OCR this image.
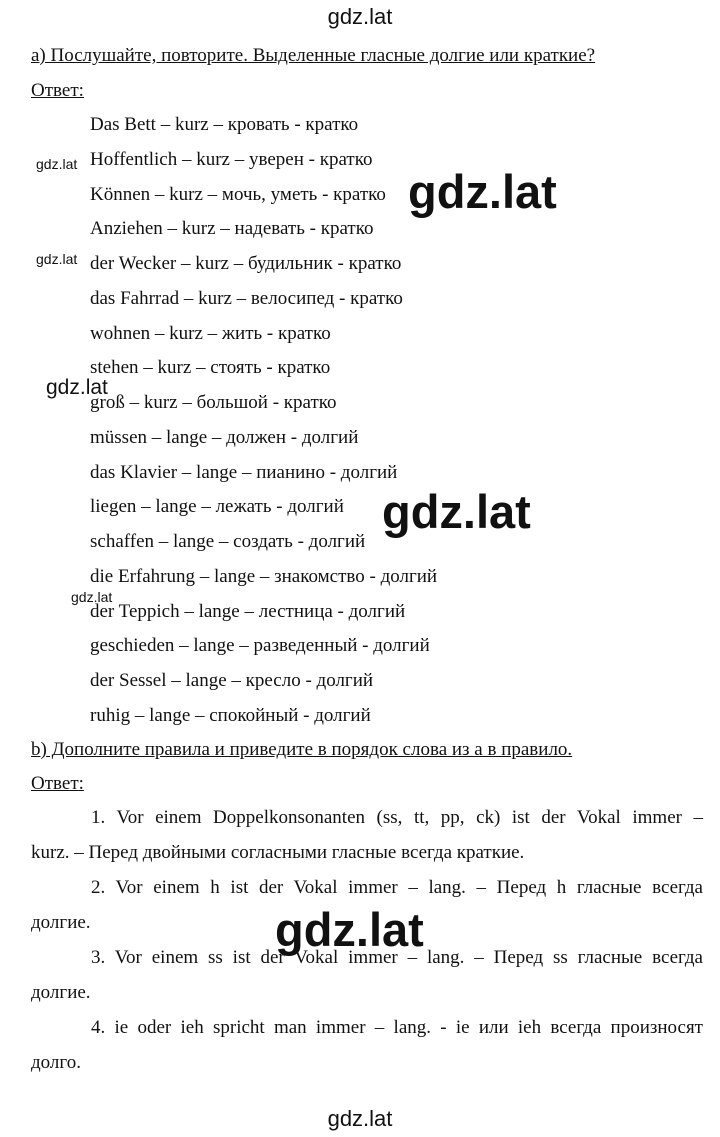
gdz.lat
а) Послушайте, повторите. Выделенные гласные долгие или краткие?
Ответ:
Das Bett – kurz – кровать - кратко
Hoffentlich – kurz – уверен - кратко
Können – kurz – мочь, уметь - кратко
Anziehen – kurz – надевать - кратко
der Wecker – kurz – будильник - кратко
das Fahrrad – kurz – велосипед - кратко
wohnen – kurz – жить - кратко
stehen – kurz – стоять - кратко
groß – kurz – большой - кратко
müssen – lange – должен - долгий
das Klavier – lange – пианино - долгий
liegen – lange – лежать - долгий
schaffen – lange – создать - долгий
die Erfahrung – lange – знакомство - долгий
der Teppich – lange – лестница - долгий
geschieden – lange – разведенный - долгий
der Sessel – lange – кресло - долгий
ruhig – lange – спокойный - долгий
b) Дополните правила и приведите в порядок слова из а в правило.
Ответ:
1. Vor einem Doppelkonsonanten (ss, tt, pp, ck) ist der Vokal immer –
kurz. – Перед двойными согласными гласные всегда краткие.
2. Vor einem h ist der Vokal immer – lang. – Перед h гласные всегда
долгие.
3. Vor einem ss ist der Vokal immer – lang. – Перед ss гласные всегда
долгие.
4. ie oder ieh spricht man immer – lang. - ie или ieh всегда произносят
долго.
gdz.lat
gdz.lat
gdz.lat
gdz.lat
gdz.lat
gdz.lat
gdz.lat
gdz.lat
